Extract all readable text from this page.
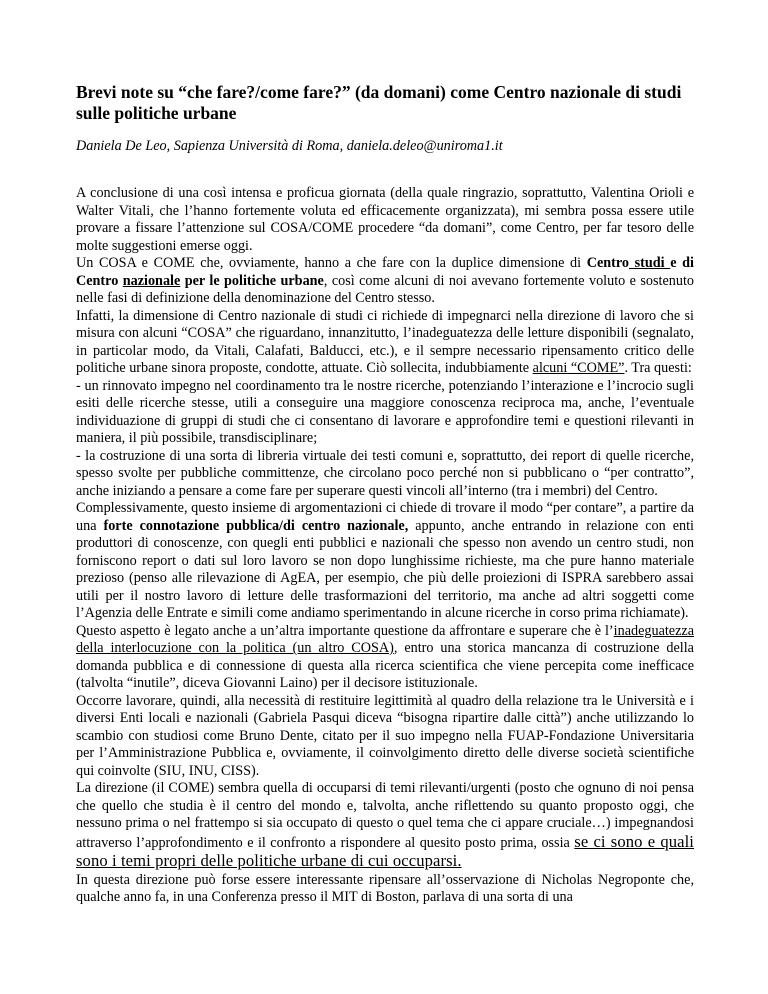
Brevi note su “che fare?/come fare?” (da domani) come Centro nazionale di studi sulle politiche urbane

Daniela De Leo, Sapienza Università di Roma, daniela.deleo@uniroma1.it

A conclusione di una così intensa e proficua giornata (della quale ringrazio, soprattutto, Valentina Orioli e Walter Vitali, che l’hanno fortemente voluta ed efficacemente organizzata), mi sembra possa essere utile provare a fissare l’attenzione sul COSA/COME procedere “da domani”, come Centro, per far tesoro delle molte suggestioni emerse oggi.

Un COSA e COME che, ovviamente, hanno a che fare con la duplice dimensione di Centro studi e di Centro nazionale per le politiche urbane, così come alcuni di noi avevano fortemente voluto e sostenuto nelle fasi di definizione della denominazione del Centro stesso.

Infatti, la dimensione di Centro nazionale di studi ci richiede di impegnarci nella direzione di lavoro che si misura con alcuni “COSA” che riguardano, innanzitutto, l’inadeguatezza delle letture disponibili (segnalato, in particolar modo, da Vitali, Calafati, Balducci, etc.), e il sempre necessario ripensamento critico delle politiche urbane sinora proposte, condotte, attuate. Ciò sollecita, indubbiamente alcuni “COME”. Tra questi:

- un rinnovato impegno nel coordinamento tra le nostre ricerche, potenziando l’interazione e l’incrocio sugli esiti delle ricerche stesse, utili a conseguire una maggiore conoscenza reciproca ma, anche, l’eventuale individuazione di gruppi di studi che ci consentano di lavorare e approfondire temi e questioni rilevanti in maniera, il più possibile, transdisciplinare;

- la costruzione di una sorta di libreria virtuale dei testi comuni e, soprattutto, dei report di quelle ricerche, spesso svolte per pubbliche committenze, che circolano poco perché non si pubblicano o “per contratto”, anche iniziando a pensare a come fare per superare questi vincoli all’interno (tra i membri) del Centro.

Complessivamente, questo insieme di argomentazioni ci chiede di trovare il modo “per contare”, a partire da una forte connotazione pubblica/di centro nazionale, appunto, anche entrando in relazione con enti produttori di conoscenze, con quegli enti pubblici e nazionali che spesso non avendo un centro studi, non forniscono report o dati sul loro lavoro se non dopo lunghissime richieste, ma che pure hanno materiale prezioso (penso alle rilevazione di AgEA, per esempio, che più delle proiezioni di ISPRA sarebbero assai utili per il nostro lavoro di letture delle trasformazioni del territorio, ma anche ad altri soggetti come l’Agenzia delle Entrate e simili come andiamo sperimentando in alcune ricerche in corso prima richiamate).

Questo aspetto è legato anche a un’altra importante questione da affrontare e superare che è l’inadeguatezza della interlocuzione con la politica (un altro COSA), entro una storica mancanza di costruzione della domanda pubblica e di connessione di questa alla ricerca scientifica che viene percepita come inefficace (talvolta “inutile”, diceva Giovanni Laino) per il decisore istituzionale.

Occorre lavorare, quindi, alla necessità di restituire legittimità al quadro della relazione tra le Università e i diversi Enti locali e nazionali (Gabriela Pasqui diceva “bisogna ripartire dalle città”) anche utilizzando lo scambio con studiosi come Bruno Dente, citato per il suo impegno nella FUAP-Fondazione Universitaria per l’Amministrazione Pubblica e, ovviamente, il coinvolgimento diretto delle diverse società scientifiche qui coinvolte (SIU, INU, CISS).

La direzione (il COME) sembra quella di occuparsi di temi rilevanti/urgenti (posto che ognuno di noi pensa che quello che studia è il centro del mondo e, talvolta, anche riflettendo su quanto proposto oggi, che nessuno prima o nel frattempo si sia occupato di questo o quel tema che ci appare cruciale…) impegnandosi attraverso l’approfondimento e il confronto a rispondere al quesito posto prima, ossia se ci sono e quali sono i temi propri delle politiche urbane di cui occuparsi.

In questa direzione può forse essere interessante ripensare all’osservazione di Nicholas Negroponte che, qualche anno fa, in una Conferenza presso il MIT di Boston, parlava di una sorta di una
